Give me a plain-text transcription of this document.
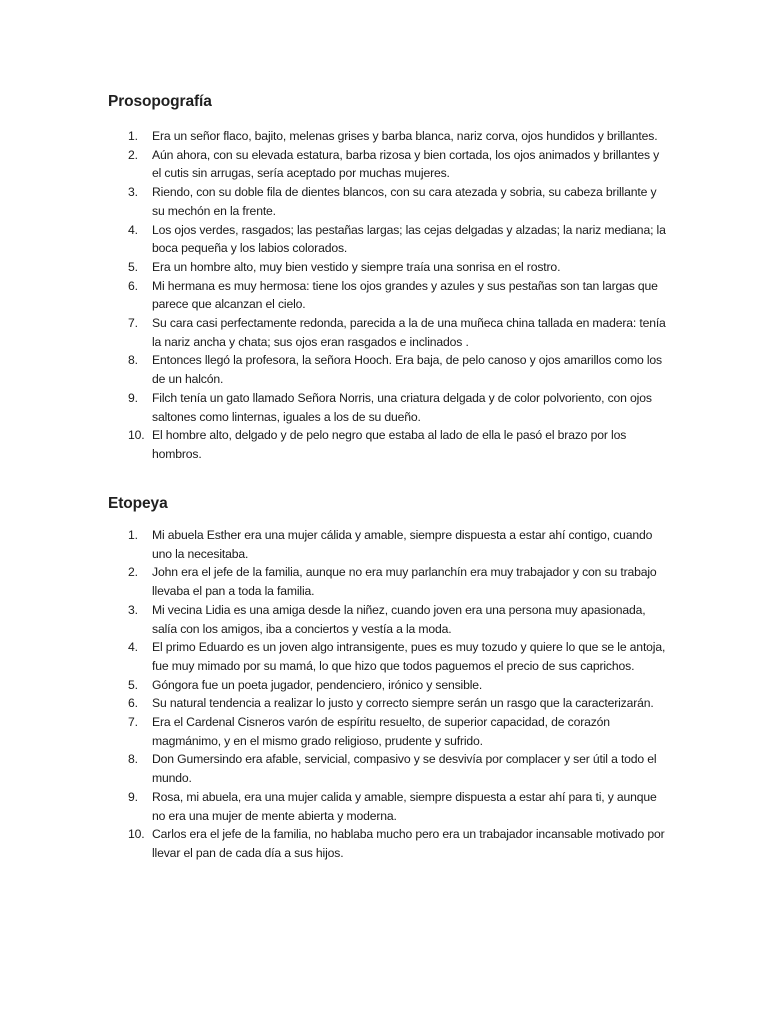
Prosopografía
1. Era un señor flaco, bajito, melenas grises y barba blanca, nariz corva, ojos hundidos y brillantes.
2. Aún ahora, con su elevada estatura, barba rizosa y bien cortada, los ojos animados y brillantes y el cutis sin arrugas, sería aceptado por muchas mujeres.
3. Riendo, con su doble fila de dientes blancos, con su cara atezada y sobria, su cabeza brillante y su mechón en la frente.
4. Los ojos verdes, rasgados; las pestañas largas; las cejas delgadas y alzadas; la nariz mediana; la boca pequeña y los labios colorados.
5. Era un hombre alto, muy bien vestido y siempre traía una sonrisa en el rostro.
6. Mi hermana es muy hermosa: tiene los ojos grandes y azules y sus pestañas son tan largas que parece que alcanzan el cielo.
7. Su cara casi perfectamente redonda, parecida a la de una muñeca china tallada en madera: tenía la nariz ancha y chata; sus ojos eran rasgados e inclinados .
8. Entonces llegó la profesora, la señora Hooch. Era baja, de pelo canoso y ojos amarillos como los de un halcón.
9. Filch tenía un gato llamado Señora Norris, una criatura delgada y de color polvoriento, con ojos saltones como linternas, iguales a los de su dueño.
10. El hombre alto, delgado y de pelo negro que estaba al lado de ella le pasó el brazo por los hombros.
Etopeya
1. Mi abuela Esther era una mujer cálida y amable, siempre dispuesta a estar ahí contigo, cuando uno la necesitaba.
2. John era el jefe de la familia, aunque no era muy parlanchín era muy trabajador y con su trabajo llevaba el pan a toda la familia.
3. Mi vecina Lidia es una amiga desde la niñez, cuando joven era una persona muy apasionada, salía con los amigos, iba a conciertos y vestía a la moda.
4. El primo Eduardo es un joven algo intransigente, pues es muy tozudo y quiere lo que se le antoja, fue muy mimado por su mamá, lo que hizo que todos paguemos el precio de sus caprichos.
5. Góngora fue un poeta jugador, pendenciero, irónico y sensible.
6. Su natural tendencia a realizar lo justo y correcto siempre serán un rasgo que la caracterizarán.
7. Era el Cardenal Cisneros varón de espíritu resuelto, de superior capacidad, de corazón magmánimo, y en el mismo grado religioso, prudente y sufrido.
8. Don Gumersindo era afable, servicial, compasivo y se desvivía por complacer y ser útil a todo el mundo.
9. Rosa, mi abuela, era una mujer calida y amable, siempre dispuesta a estar ahí para ti, y aunque no era una mujer de mente abierta y moderna.
10. Carlos era el jefe de la familia, no hablaba mucho pero era un trabajador incansable motivado por llevar el pan de cada día a sus hijos.
